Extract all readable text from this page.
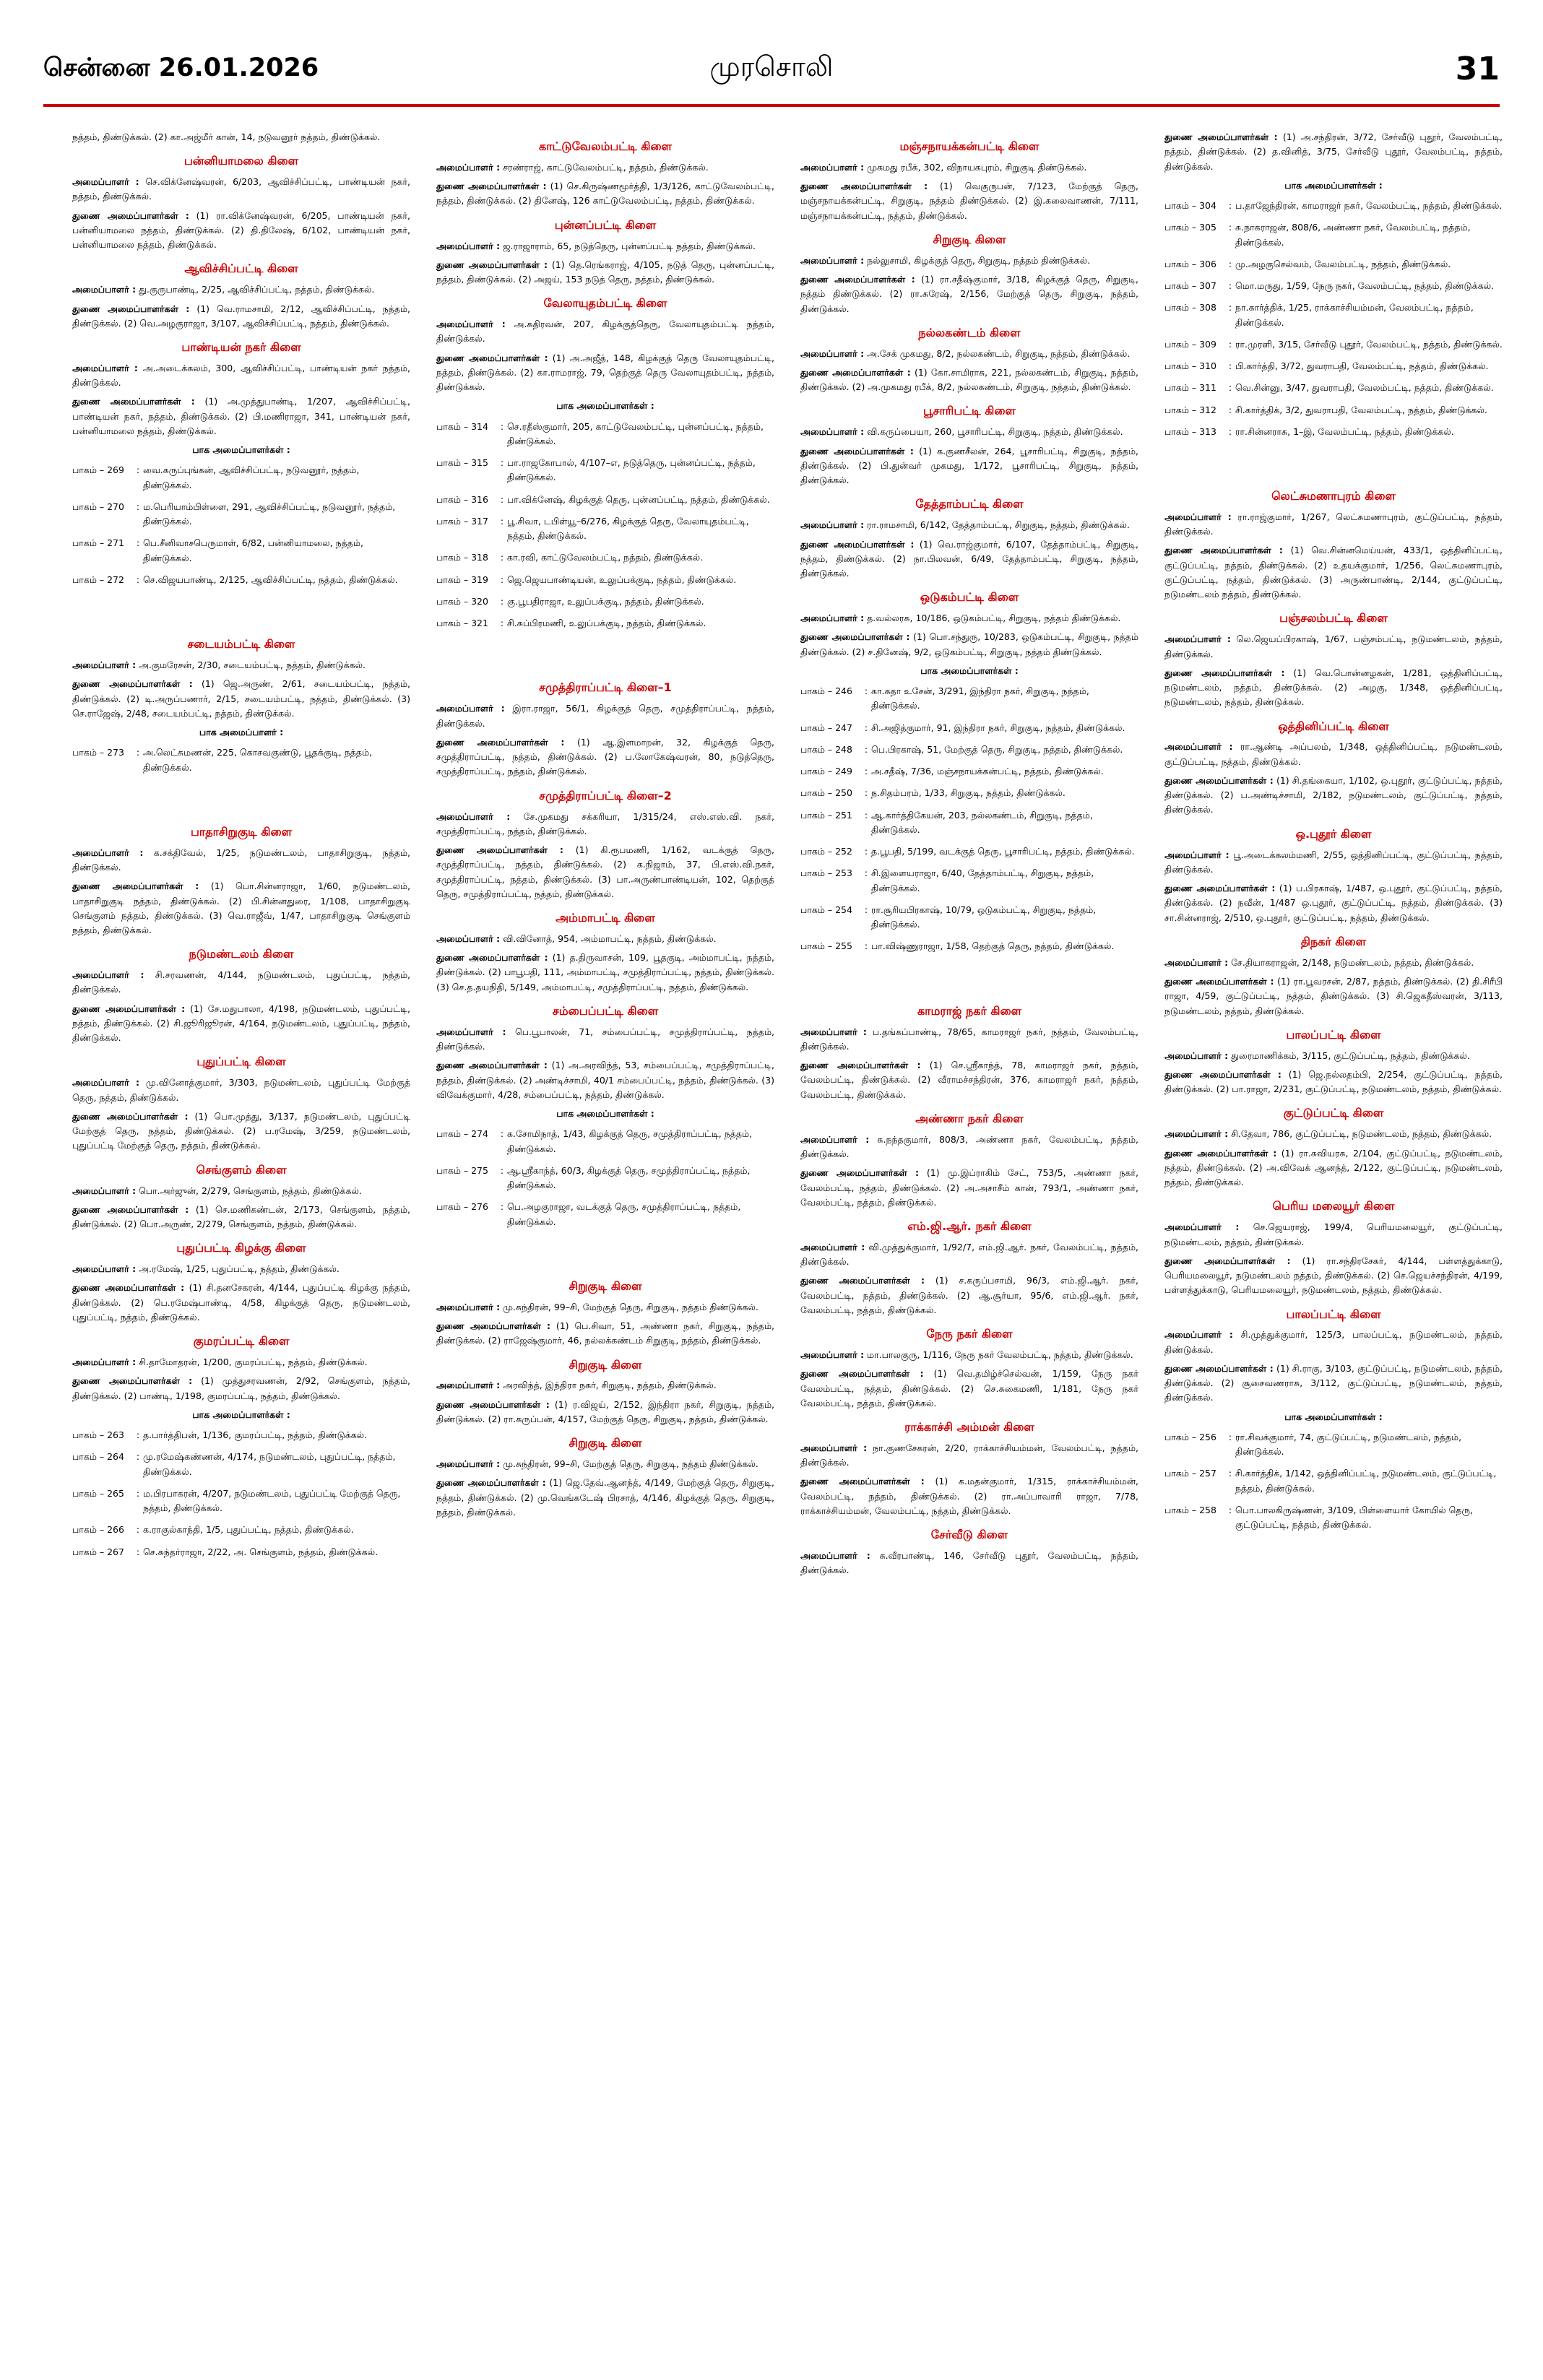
சென்னை 26.01.2026	முரசொலி	31

நத்தம், திண்டுக்கல். (2) கா.அஜ்மீர் கான், 14, நடுவனூர் நத்தம், திண்டுக்கல்.

பன்னியாமலை கிளை

அமைப்பாளர் : செ.விக்னேஷ்வரன், 6/203, ஆவிச்சிப்பட்டி, பாண்டியன் நகர், நத்தம், திண்டுக்கல்.

துணை அமைப்பாளர்கள் : (1) ரா.விக்னேஷ்வரன், 6/205, பாண்டியன் நகர், பன்னியாமலை நத்தம், திண்டுக்கல். (2) தி.திலேஷ், 6/102, பாண்டியன் நகர், பன்னியாமலை நத்தம், திண்டுக்கல்.

ஆவிச்சிப்பட்டி கிளை

அமைப்பாளர் : து.குருபாண்டி, 2/25, ஆவிச்சிப்பட்டி, நத்தம், திண்டுக்கல்.

துணை அமைப்பாளர்கள் : (1) வெ.ராமசாமி, 2/12, ஆவிச்சிப்பட்டி, நத்தம், திண்டுக்கல். (2) வெ.அழகுராஜா, 3/107, ஆவிச்சிப்பட்டி, நத்தம், திண்டுக்கல்.

பாண்டியன் நகர் கிளை

அமைப்பாளர் : அ.அடைக்கலம், 300, ஆவிச்சிப்பட்டி, பாண்டியன் நகர் நத்தம், திண்டுக்கல்.

துணை அமைப்பாளர்கள் : (1) அ.முத்துபாண்டி, 1/207, ஆவிச்சிப்பட்டி, பாண்டியன் நகர், நத்தம், திண்டுக்கல். (2) பி.மணிராஜா, 341, பாண்டியன் நகர், பன்னியாமலை நத்தம், திண்டுக்கல்.

பாக அமைப்பாளர்கள் :
பாகம் – 269	: வை.கருப்புங்கன், ஆவிச்சிப்பட்டி, நடுவனூர், நத்தம், திண்டுக்கல்.
பாகம் – 270	: ம.பெரியாம்பிள்ளை, 291, ஆவிச்சிப்பட்டி, நடுவனூர், நத்தம், திண்டுக்கல்.
பாகம் – 271	: பெ.சீனிவாசபெருமாள், 6/82, பன்னியாமலை, நத்தம், திண்டுக்கல்.
பாகம் – 272	: செ.விஜயபாண்டி, 2/125, ஆவிச்சிப்பட்டி, நத்தம், திண்டுக்கல்.
சடையம்பட்டி கிளை

அமைப்பாளர் : அ.குமரேசன், 2/30, சடையம்பட்டி, நத்தம், திண்டுக்கல்.

துணை அமைப்பாளர்கள் : (1) ஜெ.அருண், 2/61, சடையம்பட்டி, நத்தம், திண்டுக்கல். (2) டி.அருப்பணார், 2/15, சடையம்பட்டி, நத்தம், திண்டுக்கல். (3) செ.ராஜேஷ், 2/48, சடையம்பட்டி, நத்தம், திண்டுக்கல்.

பாக அமைப்பாளர் :
பாகம் – 273	: அ.லெட்சுமணன், 225, கொசவகுண்டு, பூதக்குடி, நத்தம், திண்டுக்கல்.
பாதாசிறுகுடி கிளை

அமைப்பாளர் : க.சக்திவேல், 1/25, நடுமண்டலம், பாதாசிறுகுடி, நத்தம், திண்டுக்கல்.

துணை அமைப்பாளர்கள் : (1) பொ.சின்னராஜா, 1/60, நடுமண்டலம், பாதாசிறுகுடி நத்தம், திண்டுக்கல். (2) பி.சின்னதுரை, 1/108, பாதாசிறுகுடி செங்குளம் நத்தம், திண்டுக்கல். (3) வெ.ராஜீவ், 1/47, பாதாசிறுகுடி செங்குளம் நத்தம், திண்டுக்கல்.

நடுமண்டலம் கிளை

அமைப்பாளர் : சி.சரவணன், 4/144, நடுமண்டலம், புதுப்பட்டி, நத்தம், திண்டுக்கல்.

துணை அமைப்பாளர்கள் : (1) சே.மதுபாலா, 4/198, நடுமண்டலம், புதுப்பட்டி, நத்தம், திண்டுக்கல். (2) சி.ஜூரிஜூரன், 4/164, நடுமண்டலம், புதுப்பட்டி, நத்தம், திண்டுக்கல்.

புதுப்பட்டி கிளை

அமைப்பாளர் : மு.வினோத்குமார், 3/303, நடுமண்டலம், புதுப்பட்டி மேற்குத் தெரு, நத்தம், திண்டுக்கல்.

துணை அமைப்பாளர்கள் : (1) பொ.முத்து, 3/137, நடுமண்டலம், புதுப்பட்டி மேற்குத் தெரு, நத்தம், திண்டுக்கல். (2) ப.ரமேஷ், 3/259, நடுமண்டலம், புதுப்பட்டி மேற்குத் தெரு, நத்தம், திண்டுக்கல்.

செங்குளம் கிளை

அமைப்பாளர் : பொ.அர்ஜுன், 2/279, செங்குளம், நத்தம், திண்டுக்கல்.

துணை அமைப்பாளர்கள் : (1) செ.மணிகண்டன், 2/173, செங்குளம், நத்தம், திண்டுக்கல். (2) பொ.அருண், 2/279, செங்குளம், நத்தம், திண்டுக்கல்.

புதுப்பட்டி கிழக்கு கிளை

அமைப்பாளர் : அ.ரமேஷ், 1/25, புதுப்பட்டி, நத்தம், திண்டுக்கல்.

துணை அமைப்பாளர்கள் : (1) சி.தனசேகரன், 4/144, புதுப்பட்டி கிழக்கு நத்தம், திண்டுக்கல். (2) பெ.ரமேஷ்பாண்டி, 4/58, கிழக்குத் தெரு, நடுமண்டலம், புதுப்பட்டி, நத்தம், திண்டுக்கல்.

குமரப்பட்டி கிளை

அமைப்பாளர் : சி.தாமோதரன், 1/200, குமரப்பட்டி, நத்தம், திண்டுக்கல்.

துணை அமைப்பாளர்கள் : (1) முத்துசரவணன், 2/92, செங்குளம், நத்தம், திண்டுக்கல். (2) பாண்டி, 1/198, குமரப்பட்டி, நத்தம், திண்டுக்கல்.

பாக அமைப்பாளர்கள் :
பாகம் – 263	: த.பார்த்திபன், 1/136, குமரப்பட்டி, நத்தம், திண்டுக்கல்.
பாகம் – 264	: மு.ரமேஷ்கண்ணன், 4/174, நடுமண்டலம், புதுப்பட்டி, நத்தம், திண்டுக்கல்.
பாகம் – 265	: ம.பிரபாகரன், 4/207, நடுமண்டலம், புதுப்பட்டி மேற்குத் தெரு, நத்தம், திண்டுக்கல்.
பாகம் – 266	: க.ராகுல்காந்தி, 1/5, புதுப்பட்டி, நத்தம், திண்டுக்கல்.
பாகம் – 267	: செ.சுந்தர்ராஜா, 2/22, அ. செங்குளம், நத்தம், திண்டுக்கல்.
காட்டுவேலம்பட்டி கிளை

அமைப்பாளர் : சரண்ராஜ், காட்டுவேலம்பட்டி, நத்தம், திண்டுக்கல்.

துணை அமைப்பாளர்கள் : (1) செ.கிருஷ்ணமூர்த்தி, 1/3/126, காட்டுவேலம்பட்டி, நத்தம், திண்டுக்கல். (2) தினேஷ், 126 காட்டுவேலம்பட்டி, நத்தம், திண்டுக்கல்.

புன்னப்பட்டி கிளை

அமைப்பாளர் : ஜ.ராஜாராம், 65, நடுத்தெரு, புன்னப்பட்டி நத்தம், திண்டுக்கல்.

துணை அமைப்பாளர்கள் : (1) தெ.ரெங்கராஜ், 4/105, நடுத் தெரு, புன்னப்பட்டி, நத்தம், திண்டுக்கல். (2) அஜய், 153 நடுத் தெரு, நத்தம், திண்டுக்கல்.

வேலாயுதம்பட்டி கிளை

அமைப்பாளர் : அ.சுதிரவன், 207, கிழக்குத்தெரு, வேலாயுதம்பட்டி நத்தம், திண்டுக்கல்.

துணை அமைப்பாளர்கள் : (1) அ.அஜீத், 148, கிழக்குத் தெரு வேலாயுதம்பட்டி, நத்தம், திண்டுக்கல். (2) கா.ராமராஜ், 79, தெற்குத் தெரு வேலாயுதம்பட்டி, நத்தம், திண்டுக்கல்.

பாக அமைப்பாளர்கள் :
பாகம் – 314	: செ.ரதீஸ்குமார், 205, காட்டுவேலம்பட்டி, புன்னப்பட்டி, நத்தம், திண்டுக்கல்.
பாகம் – 315	: பா.ராஜகோபால், 4/107–எ, நடுத்தெரு, புன்னப்பட்டி, நத்தம், திண்டுக்கல்.
பாகம் – 316	: பா.விக்னேஷ், கிழக்குத் தெரு, புன்னப்பட்டி, நத்தம், திண்டுக்கல்.
பாகம் – 317	: பூ.சிவா, டபிள்யூ–6/276, கிழக்குத் தெரு, வேலாயுதம்பட்டி, நத்தம், திண்டுக்கல்.
பாகம் – 318	: கா.ரவி, காட்டுவேலம்பட்டி, நத்தம், திண்டுக்கல்.
பாகம் – 319	: ஜெ.ஜெயபாண்டியன், உலுப்பக்குடி, நத்தம், திண்டுக்கல்.
பாகம் – 320	: கு.பூபதிராஜா, உலுப்பக்குடி, நத்தம், திண்டுக்கல்.
பாகம் – 321	: சி.சுப்பிரமணி, உலுப்பக்குடி, நத்தம், திண்டுக்கல்.
சமுத்திராப்பட்டி கிளை–1

அமைப்பாளர் : இரா.ராஜா, 56/1, கிழக்குத் தெரு, சமுத்திராப்பட்டி, நத்தம், திண்டுக்கல்.

துணை அமைப்பாளர்கள் : (1) ஆ.இளமாறன், 32, கிழக்குத் தெரு, சமுத்திராப்பட்டி, நத்தம், திண்டுக்கல். (2) ப.லோகேஷ்வரன், 80, நடுத்தெரு, சமுத்திராப்பட்டி, நத்தம், திண்டுக்கல்.

சமுத்திராப்பட்டி கிளை–2

அமைப்பாளர் : சே.முகமது சக்கரியா, 1/315/24, எஸ்.எஸ்.வி. நகர், சமுத்திராப்பட்டி, நத்தம், திண்டுக்கல்.

துணை அமைப்பாளர்கள் : (1) கி.ரூபமணி, 1/162, வடக்குத் தெரு, சமுத்திராப்பட்டி, நத்தம், திண்டுக்கல். (2) க.நிஜாம், 37, பி.எஸ்.வி.நகர், சமுத்திராப்பட்டி, நத்தம், திண்டுக்கல். (3) பா.அருண்பாண்டியன், 102, தெற்குத் தெரு, சமுத்திராப்பட்டி, நத்தம், திண்டுக்கல்.

அம்மாபட்டி கிளை

அமைப்பாளர் : வி.வினோத், 954, அம்மாபட்டி, நத்தம், திண்டுக்கல்.

துணை அமைப்பாளர்கள் : (1) த.திருவாசன், 109, பூதகுடி, அம்மாபட்டி, நத்தம், திண்டுக்கல். (2) பாபூபதி, 111, அம்மாபட்டி, சமுத்திராப்பட்டி, நத்தம், திண்டுக்கல். (3) செ.த.தயநிதி, 5/149, அம்மாபட்டி, சமுத்திராப்பட்டி, நத்தம், திண்டுக்கல்.

சம்பைப்பட்டி கிளை

அமைப்பாளர் : பெ.பூபாலன், 71, சம்பைப்பட்டி, சமுத்திராப்பட்டி, நத்தம், திண்டுக்கல்.

துணை அமைப்பாளர்கள் : (1) அ.அரவிந்த், 53, சம்பைப்பட்டி, சமுத்திராப்பட்டி, நத்தம், திண்டுக்கல். (2) அண்டிச்சாமி, 40/1 சம்பைப்பட்டி, நத்தம், திண்டுக்கல். (3) விவேக்குமார், 4/28, சம்பைப்பட்டி, நத்தம், திண்டுக்கல்.

பாக அமைப்பாளர்கள் :
பாகம் – 274	: க.சோமிநாத், 1/43, கிழக்குத் தெரு, சமுத்திராப்பட்டி, நத்தம், திண்டுக்கல்.
பாகம் – 275	: ஆ.ஸ்ரீகாந்த், 60/3, கிழக்குத் தெரு, சமுத்திராப்பட்டி, நத்தம், திண்டுக்கல்.
பாகம் – 276	: பெ.அழகுராஜா, வடக்குத் தெரு, சமுத்திராப்பட்டி, நத்தம், திண்டுக்கல்.
சிறுகுடி கிளை

அமைப்பாளர் : மு.சுந்திரன், 99–சி, மேற்குத் தெரு, சிறுகுடி, நத்தம் திண்டுக்கல்.

துணை அமைப்பாளர்கள் : (1) பெ.சிவா, 51, அண்ணா நகர், சிறுகுடி, நத்தம், திண்டுக்கல். (2) ராஜேஷ்குமார், 46, நல்லக்கண்டம் சிறுகுடி, நத்தம், திண்டுக்கல்.

சிறுகுடி கிளை

அமைப்பாளர் : அரவிந்த், இந்திரா நகர், சிறுகுடி, நத்தம், திண்டுக்கல்.

துணை அமைப்பாளர்கள் : (1) ர.விஜய், 2/152, இந்திரா நகர், சிறுகுடி, நத்தம், திண்டுக்கல். (2) ரா.கருப்பன், 4/157, மேற்குத் தெரு, சிறுகுடி, நத்தம், திண்டுக்கல்.

சிறுகுடி கிளை

அமைப்பாளர் : மு.சுந்திரன், 99–சி, மேற்குத் தெரு, சிறுகுடி, நத்தம் திண்டுக்கல்.

துணை அமைப்பாளர்கள் : (1) ஜெ.தேவ்.ஆனந்த், 4/149, மேற்குத் தெரு, சிறுகுடி, நத்தம், திண்டுக்கல். (2) மு.வெங்கடேஷ் பிரசாத், 4/146, கிழக்குத் தெரு, சிறுகுடி, நத்தம், திண்டுக்கல்.

மஞ்சநாயக்கன்பட்டி கிளை

அமைப்பாளர் : முகமது ரபீக், 302, விநாயகபுரம், சிறுகுடி திண்டுக்கல்.

துணை அமைப்பாளர்கள் : (1) வெகுருபன், 7/123, மேற்குத் தெரு, மஞ்சநாயக்கன்பட்டி, சிறுகுடி, நத்தம் திண்டுக்கல். (2) இ.கலைவாணன், 7/111, மஞ்சநாயக்கன்பட்டி, நத்தம், திண்டுக்கல்.

சிறுகுடி கிளை

அமைப்பாளர் : நல்லுசாமி, கிழக்குத் தெரு, சிறுகுடி, நத்தம் திண்டுக்கல்.

துணை அமைப்பாளர்கள் : (1) ரா.சதீஷ்குமார், 3/18, கிழக்குத் தெரு, சிறுகுடி, நத்தம் திண்டுக்கல். (2) ரா.சுரேஷ், 2/156, மேற்குத் தெரு, சிறுகுடி, நத்தம், திண்டுக்கல்.

நல்லகண்டம் கிளை

அமைப்பாளர் : அ.சேக் முகமது, 8/2, நல்லகண்டம், சிறுகுடி, நத்தம், திண்டுக்கல்.

துணை அமைப்பாளர்கள் : (1) கோ.சாமிராசு, 221, நல்லகண்டம், சிறுகுடி, நத்தம், திண்டுக்கல். (2) அ.முகமது ரபீக், 8/2, நல்லகண்டம், சிறுகுடி, நத்தம், திண்டுக்கல்.

பூசாரிபட்டி கிளை

அமைப்பாளர் : வி.கருப்பையா, 260, பூசாரிபட்டி, சிறுகுடி, நத்தம், திண்டுக்கல்.

துணை அமைப்பாளர்கள் : (1) க.குணசீலன், 264, பூசாரிபட்டி, சிறுகுடி, நத்தம், திண்டுக்கல். (2) பி.துன்வர் முகமது, 1/172, பூசாரிபட்டி, சிறுகுடி, நத்தம், திண்டுக்கல்.

தேத்தாம்பட்டி கிளை

அமைப்பாளர் : ரா.ராமசாமி, 6/142, தேத்தாம்பட்டி, சிறுகுடி, நத்தம், திண்டுக்கல்.

துணை அமைப்பாளர்கள் : (1) வெ.ராஜ்குமார், 6/107, தேத்தாம்பட்டி, சிறுகுடி, நத்தம், திண்டுக்கல். (2) நா.பிலவன், 6/49, தேத்தாம்பட்டி, சிறுகுடி, நத்தம், திண்டுக்கல்.

ஒடுகம்பட்டி கிளை

அமைப்பாளர் : த.வல்லரசு, 10/186, ஒடுகம்பட்டி, சிறுகுடி, நத்தம் திண்டுக்கல்.

துணை அமைப்பாளர்கள் : (1) பொ.சந்துரு, 10/283, ஒடுகம்பட்டி, சிறுகுடி, நத்தம் திண்டுக்கல். (2) ச.தினேஷ், 9/2, ஒடுகம்பட்டி, சிறுகுடி, நத்தம் திண்டுக்கல்.

பாக அமைப்பாளர்கள் :
பாகம் – 246	: கா.சுதா உசேன், 3/291, இந்திரா நகர், சிறுகுடி, நத்தம், திண்டுக்கல்.
பாகம் – 247	: சி.அஜித்குமார், 91, இந்திரா நகர், சிறுகுடி, நத்தம், திண்டுக்கல்.
பாகம் – 248	: பெ.பிரகாஷ், 51, மேற்குத் தெரு, சிறுகுடி, நத்தம், திண்டுக்கல்.
பாகம் – 249	: அ.சதீஷ், 7/36, மஞ்சநாயக்கன்பட்டி, நத்தம், திண்டுக்கல்.
பாகம் – 250	: ந.சிதம்பரம், 1/33, சிறுகுடி, நத்தம், திண்டுக்கல்.
பாகம் – 251	: ஆ.கார்த்திகேயன், 203, நல்லகண்டம், சிறுகுடி, நத்தம், திண்டுக்கல்.
பாகம் – 252	: த.பூபதி, 5/199, வடக்குத் தெரு, பூசாரிபட்டி, நத்தம், திண்டுக்கல்.
பாகம் – 253	: சி.இளையராஜா, 6/40, தேத்தாம்பட்டி, சிறுகுடி, நத்தம், திண்டுக்கல்.
பாகம் – 254	: ரா.சூரியபிரகாஷ், 10/79, ஒடுகம்பட்டி, சிறுகுடி, நத்தம், திண்டுக்கல்.
பாகம் – 255	: பா.விஷ்ணுராஜா, 1/58, தெற்குத் தெரு, நத்தம், திண்டுக்கல்.
காமராஜ் நகர் கிளை

அமைப்பாளர் : ப.தங்கப்பாண்டி, 78/65, காமராஜர் நகர், நத்தம், வேலம்பட்டி, திண்டுக்கல்.

துணை அமைப்பாளர்கள் : (1) செ.ஸ்ரீகாந்த், 78, காமராஜர் நகர், நத்தம், வேலம்பட்டி, திண்டுக்கல். (2) வீராமச்சந்திரன், 376, காமராஜர் நகர், நத்தம், வேலம்பட்டி, திண்டுக்கல்.

அண்ணா நகர் கிளை

அமைப்பாளர் : சு.நந்தகுமார், 808/3, அண்ணா நகர், வேலம்பட்டி, நத்தம், திண்டுக்கல்.

துணை அமைப்பாளர்கள் : (1) மு.இப்ராகிம் சேட், 753/5, அண்ணா நகர், வேலம்பட்டி, நத்தம், திண்டுக்கல். (2) அ.அசாசீம் கான், 793/1, அண்ணா நகர், வேலம்பட்டி, நத்தம், திண்டுக்கல்.

எம்.ஜி.ஆர். நகர் கிளை

அமைப்பாளர் : வி.முத்துக்குமார், 1/92/7, எம்.ஜி.ஆர். நகர், வேலம்பட்டி, நத்தம், திண்டுக்கல்.

துணை அமைப்பாளர்கள் : (1) ச.கருப்பசாமி, 96/3, எம்.ஜி.ஆர். நகர், வேலம்பட்டி, நத்தம், திண்டுக்கல். (2) ஆ.சூர்யா, 95/6, எம்.ஜி.ஆர். நகர், வேலம்பட்டி, நத்தம், திண்டுக்கல்.

நேரு நகர் கிளை

அமைப்பாளர் : மா.பாலகுரு, 1/116, நேரு நகர் வேலம்பட்டி, நத்தம், திண்டுக்கல்.

துணை அமைப்பாளர்கள் : (1) வெ.தமிழ்ச்செல்வன், 1/159, நேரு நகர் வேலம்பட்டி, நத்தம், திண்டுக்கல். (2) செ.சுகைமணி, 1/181, நேரு நகர் வேலம்பட்டி, நத்தம், திண்டுக்கல்.

ராக்காச்சி அம்மன் கிளை

அமைப்பாளர் : நா.குணசேகரன், 2/20, ராக்காச்சியம்மன், வேலம்பட்டி, நத்தம், திண்டுக்கல்.

துணை அமைப்பாளர்கள் : (1) க.மதன்குமார், 1/315, ராக்காச்சியம்மன், வேலம்பட்டி, நத்தம், திண்டுக்கல். (2) ரா.அப்பாவாரி ராஜா, 7/78, ராக்காச்சியம்மன், வேலம்பட்டி, நத்தம், திண்டுக்கல்.

சேர்வீடு கிளை

அமைப்பாளர் : சு.வீரபாண்டி, 146, சேர்வீடு புதூர், வேலம்பட்டி, நத்தம், திண்டுக்கல்.

துணை அமைப்பாளர்கள் : (1) அ.சந்திரன், 3/72, சேர்வீடு புதூர், வேலம்பட்டி, நத்தம், திண்டுக்கல். (2) த.வினித், 3/75, சேர்வீடு புதூர், வேலம்பட்டி, நத்தம், திண்டுக்கல்.

பாக அமைப்பாளர்கள் :
பாகம் – 304	: ப.தாஜேந்திரன், காமராஜர் நகர், வேலம்பட்டி, நத்தம், திண்டுக்கல்.
பாகம் – 305	: சு.நாகராஜன், 808/6, அண்ணா நகர், வேலம்பட்டி, நத்தம், திண்டுக்கல்.
பாகம் – 306	: மு.அழகுசெல்வம், வேலம்பட்டி, நத்தம், திண்டுக்கல்.
பாகம் – 307	: மொ.மருது, 1/59, நேரு நகர், வேலம்பட்டி, நத்தம், திண்டுக்கல்.
பாகம் – 308	: நா.கார்த்திக், 1/25, ராக்காச்சியம்மன், வேலம்பட்டி, நத்தம், திண்டுக்கல்.
பாகம் – 309	: ரா.முரளி, 3/15, சேர்வீடு புதூர், வேலம்பட்டி, நத்தம், திண்டுக்கல்.
பாகம் – 310	: பி.கார்த்தி, 3/72, துவராபதி, வேலம்பட்டி, நத்தம், திண்டுக்கல்.
பாகம் – 311	: வெ.சின்னு, 3/47, துவராபதி, வேலம்பட்டி, நத்தம், திண்டுக்கல்.
பாகம் – 312	: சி.கார்த்திக், 3/2, துவராபதி, வேலம்பட்டி, நத்தம், திண்டுக்கல்.
பாகம் – 313	: ரா.சின்னராசு, 1–இ, வேலம்பட்டி, நத்தம், திண்டுக்கல்.
லெட்சுமணாபுரம் கிளை

அமைப்பாளர் : ரா.ராஜ்குமார், 1/267, லெட்சுமணாபுரம், குட்டுப்பட்டி, நத்தம், திண்டுக்கல்.

துணை அமைப்பாளர்கள் : (1) வெ.சின்னமெய்யன், 433/1, ஒத்தினிப்பட்டி, குட்டுப்பட்டி, நத்தம், திண்டுக்கல். (2) உதயக்குமார், 1/256, லெட்சுமணாபுரம், குட்டுப்பட்டி, நத்தம், திண்டுக்கல். (3) அருண்பாண்டி, 2/144, குட்டுப்பட்டி, நடுமண்டலம் நத்தம், திண்டுக்கல்.

பஞ்சலம்பட்டி கிளை

அமைப்பாளர் : லெ.ஜெயப்பிரகாஷ், 1/67, பஞ்சம்பட்டி, நடுமண்டலம், நத்தம், திண்டுக்கல்.

துணை அமைப்பாளர்கள் : (1) வெ.பொன்னழகன், 1/281, ஒத்தினிப்பட்டி, நடுமண்டலம், நத்தம், திண்டுக்கல். (2) அழகு, 1/348, ஒத்தினிப்பட்டி, நடுமண்டலம், நத்தம், திண்டுக்கல்.

ஒத்தினிப்பட்டி கிளை

அமைப்பாளர் : ரா.ஆண்டி அப்பலம், 1/348, ஒத்தினிப்பட்டி, நடுமண்டலம், குட்டுப்பட்டி, நத்தம், திண்டுக்கல்.

துணை அமைப்பாளர்கள் : (1) சி.தங்கையா, 1/102, ஒ.புதூர், குட்டுப்பட்டி, நத்தம், திண்டுக்கல். (2) ப.அண்டிச்சாமி, 2/182, நடுமண்டலம், குட்டுப்பட்டி, நத்தம், திண்டுக்கல்.

ஒ.புதூர் கிளை

அமைப்பாளர் : பூ.அடைக்கலம்மணி, 2/55, ஒத்தினிப்பட்டி, குட்டுப்பட்டி, நத்தம், திண்டுக்கல்.

துணை அமைப்பாளர்கள் : (1) ப.பிரகாஷ், 1/487, ஒ.புதூர், குட்டுப்பட்டி, நத்தம், திண்டுக்கல். (2) நவீன், 1/487 ஒ.புதூர், குட்டுப்பட்டி, நத்தம், திண்டுக்கல். (3) சா.சின்னராஜ், 2/510, ஒ.புதூர், குட்டுப்பட்டி, நத்தம், திண்டுக்கல்.

திநகர் கிளை

அமைப்பாளர் : சே.தியாகராஜன், 2/148, நடுமண்டலம், நத்தம், திண்டுக்கல்.

துணை அமைப்பாளர்கள் : (1) ரா.பூவரசன், 2/87, நத்தம், திண்டுக்கல். (2) தி.சிரீபி ராஜா, 4/59, குட்டுப்பட்டி, நத்தம், திண்டுக்கல். (3) சி.ஜெகதீஸ்வரன், 3/113, நடுமண்டலம், நத்தம், திண்டுக்கல்.

பாலப்பட்டி கிளை

அமைப்பாளர் : துரைமாணிக்கம், 3/115, குட்டுப்பட்டி, நத்தம், திண்டுக்கல்.

துணை அமைப்பாளர்கள் : (1) ஜெ.நல்லதம்பி, 2/254, குட்டுப்பட்டி, நத்தம், திண்டுக்கல். (2) பா.ராஜா, 2/231, குட்டுப்பட்டி, நடுமண்டலம், நத்தம், திண்டுக்கல்.

குட்டுப்பட்டி கிளை

அமைப்பாளர் : சி.தேவா, 786, குட்டுப்பட்டி, நடுமண்டலம், நத்தம், திண்டுக்கல்.

துணை அமைப்பாளர்கள் : (1) ரா.சுவியரசு, 2/104, குட்டுப்பட்டி, நடுமண்டலம், நத்தம், திண்டுக்கல். (2) அ.விவேக் ஆனந்த், 2/122, குட்டுப்பட்டி, நடுமண்டலம், நத்தம், திண்டுக்கல்.

பெரிய மலையூர் கிளை

அமைப்பாளர் : செ.ஜெயராஜ், 199/4, பெரியமலையூர், குட்டுப்பட்டி, நடுமண்டலம், நத்தம், திண்டுக்கல்.

துணை அமைப்பாளர்கள் : (1) ரா.சந்திரசேகர், 4/144, பள்ளத்துக்காடு, பெரியமலையூர், நடுமண்டலம் நத்தம், திண்டுக்கல். (2) செ.ஜெயச்சந்திரன், 4/199, பள்ளத்துக்காடு, பெரியமலையூர், நடுமண்டலம், நத்தம், திண்டுக்கல்.

பாலப்பட்டி கிளை

அமைப்பாளர் : சி.முத்துக்குமார், 125/3, பாலப்பட்டி, நடுமண்டலம், நத்தம், திண்டுக்கல்.

துணை அமைப்பாளர்கள் : (1) சி.ராகு, 3/103, குட்டுப்பட்டி, நடுமண்டலம், நத்தம், திண்டுக்கல். (2) சூசைவணராசு, 3/112, குட்டுப்பட்டி, நடுமண்டலம், நத்தம், திண்டுக்கல்.

பாக அமைப்பாளர்கள் :
பாகம் – 256	: ரா.சிவக்குமார், 74, குட்டுப்பட்டி, நடுமண்டலம், நத்தம், திண்டுக்கல்.
பாகம் – 257	: சி.கார்த்திக், 1/142, ஒத்தினிப்பட்டி, நடுமண்டலம், குட்டுப்பட்டி, நத்தம், திண்டுக்கல்.
பாகம் – 258	: பொ.பாலகிருஷ்ணன், 3/109, பிள்ளையார் கோயில் தெரு, குட்டுப்பட்டி, நத்தம், திண்டுக்கல்.
